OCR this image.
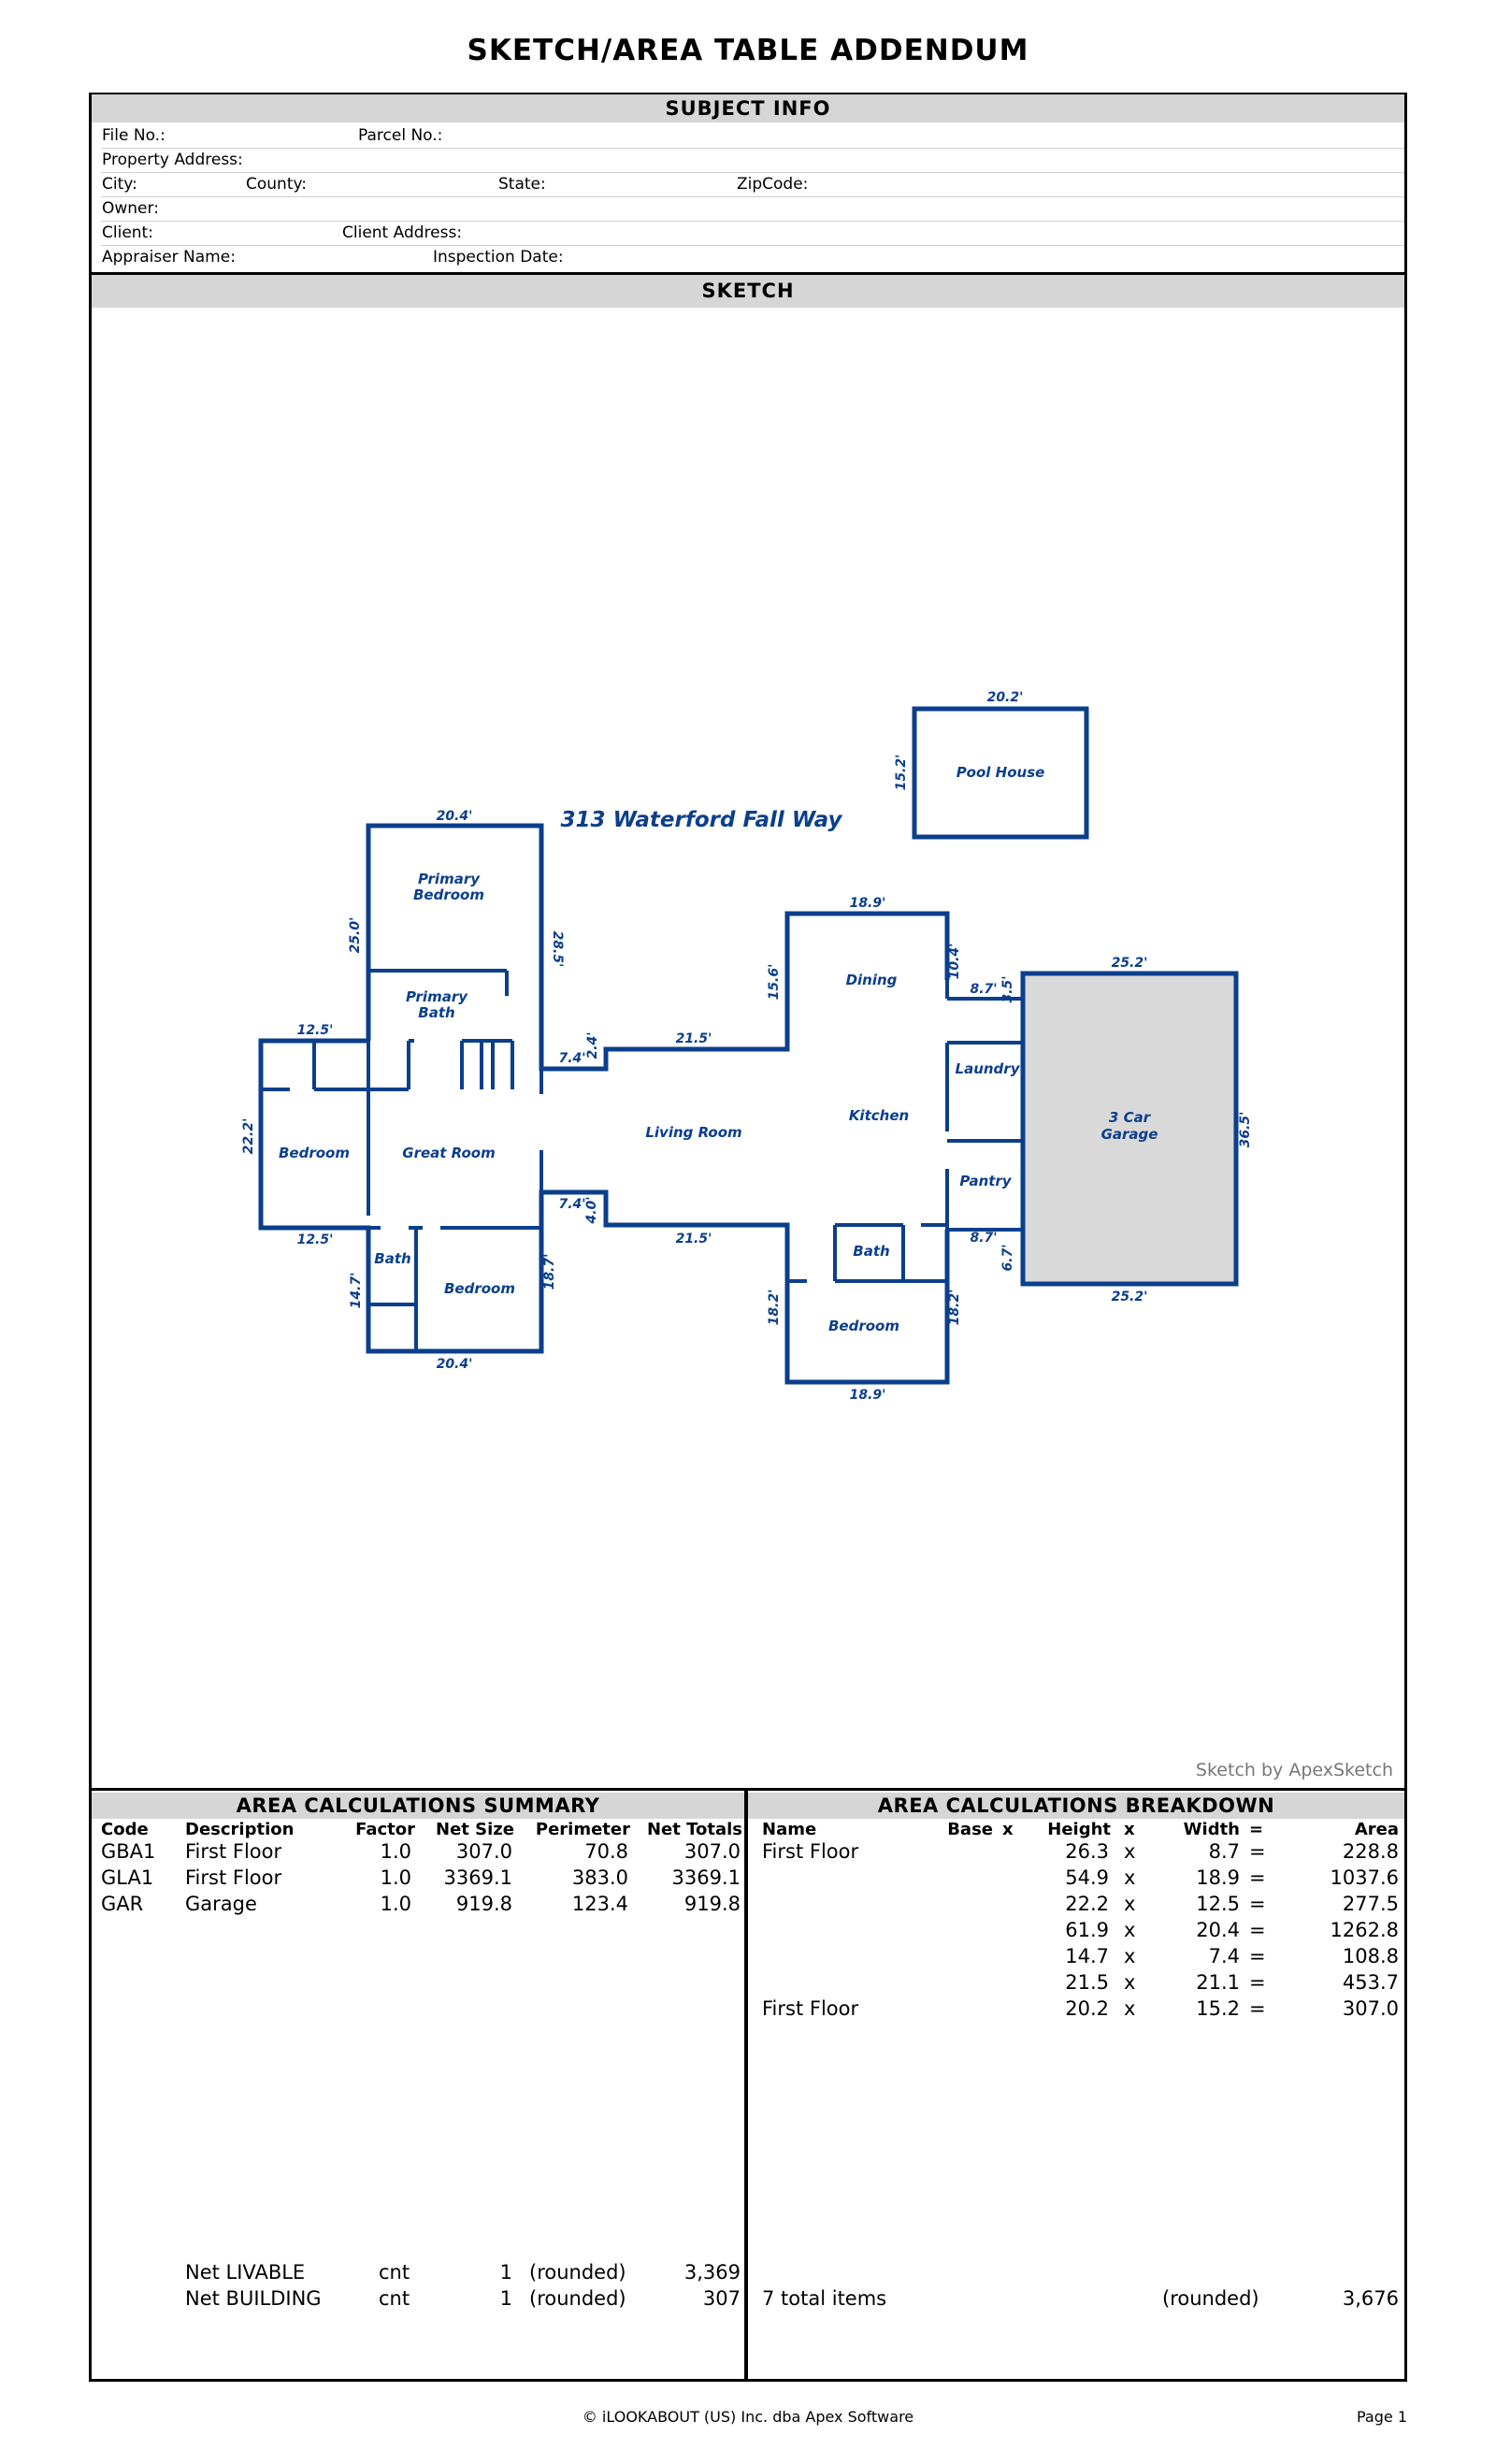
SKETCH/AREA TABLE ADDENDUM
SUBJECT INFO
File No.:	Parcel No.:
Property Address:
City:	County:	State:	ZipCode:
Owner:
Client:	Client Address:
Appraiser Name:	Inspection Date:
SKETCH
Pool House
Primary
Bedroom
Primary
Bath
Bedroom	Great Room
Living Room
Dining
Kitchen
Laundry
Pantry
3 Car
Garage
Bath
Bedroom
Bath
Bedroom
313 Waterford Fall Way
20.2'
15.2'
20.4'
25.0'	28.5'
12.5'
22.2'
12.5'
14.7'
18.7'
20.4'
7.4' 2.4'	21.5'
7.4'
4.0'
21.5'
18.9'
15.6'
10.4'
8.7' 3.5'
8.7'
6.7'
18.2'	18.2'
18.9'
25.2'
36.5'
25.2'
Sketch by ApexSketch
AREA CALCULATIONS SUMMARY	AREA CALCULATIONS BREAKDOWN
Code Description	Factor	Net Size	Perimeter Net Totals
GBA1 First Floor	1.0	307.0	70.8	307.0
GLA1 First Floor	1.0	3369.1	383.0	3369.1
GAR Garage	1.0	919.8	123.4	919.8
Net LIVABLE	cnt	1 (rounded)	3,369
Net BUILDING	cnt	1 (rounded)	307
Name	Base x	Height x	Width =	Area
First Floor	26.3 x	8.7 =	228.8
54.9 x	18.9 =	1037.6
22.2 x	12.5 =	277.5
61.9 x	20.4 =	1262.8
14.7 x	7.4 =	108.8
21.5 x	21.1 =	453.7
First Floor	20.2 x	15.2 =	307.0
7 total items	(rounded)	3,676
© iLOOKABOUT (US) Inc. dba Apex Software	Page 1
